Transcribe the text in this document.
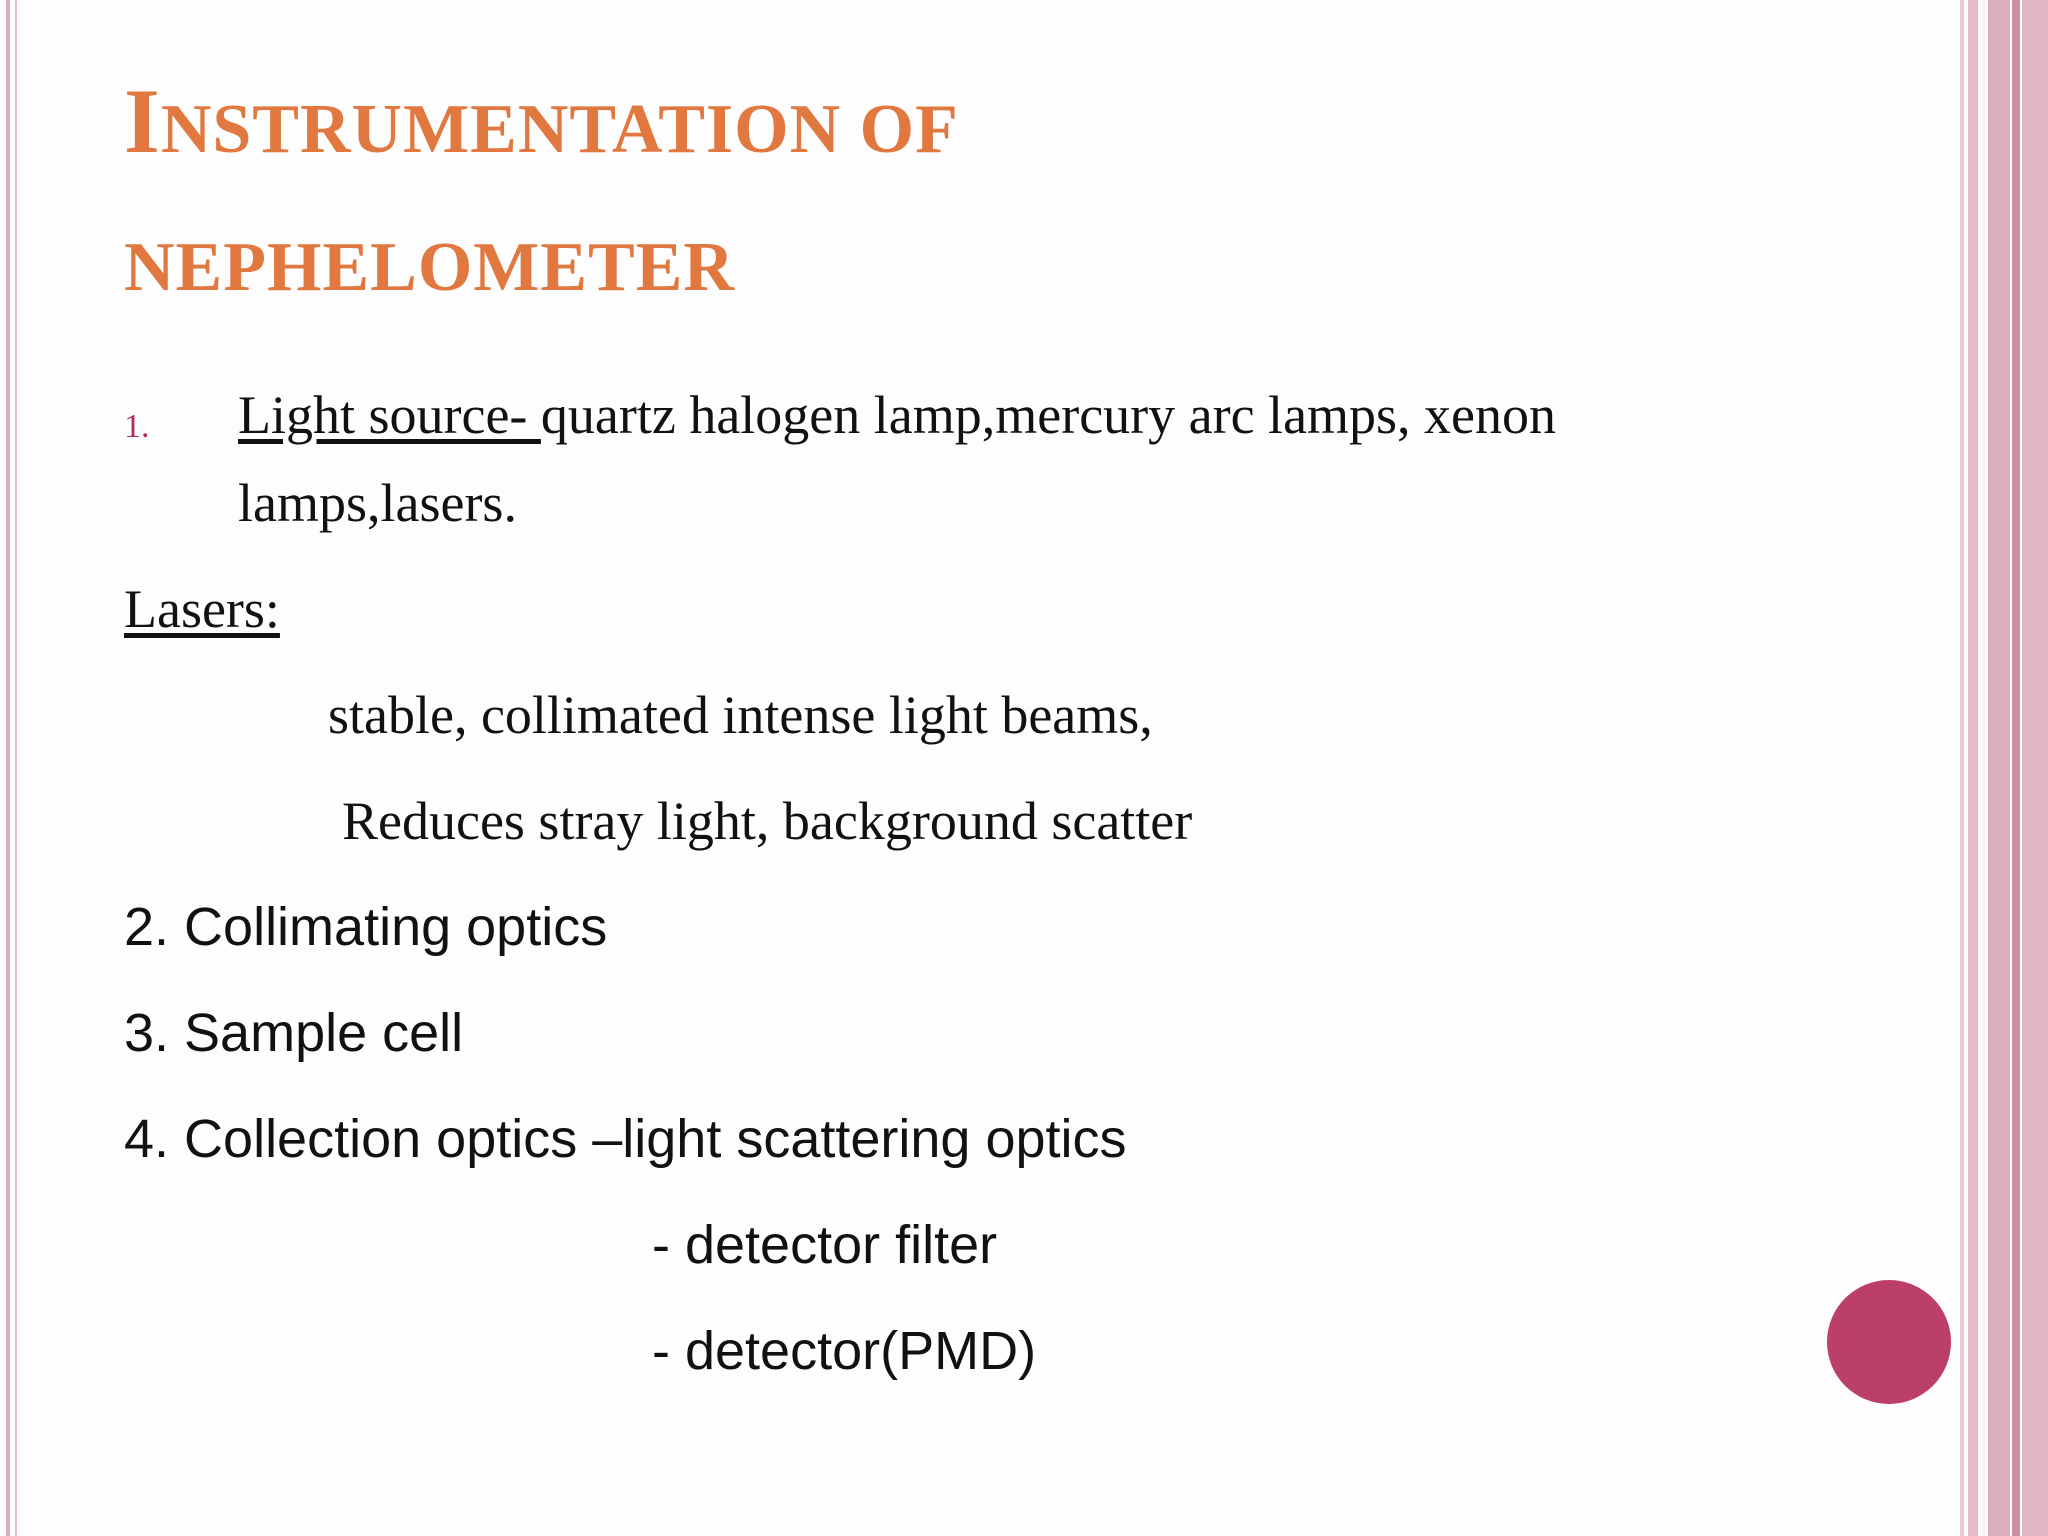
INSTRUMENTATION OF
NEPHELOMETER
1. Light source- quartz halogen lamp,mercury arc lamps, xenon

lamps,lasers.

Lasers:

stable, collimated intense light beams,

Reduces stray light, background scatter

2. Collimating optics

3. Sample cell

4. Collection optics –light scattering optics

- detector filter

- detector(PMD)
